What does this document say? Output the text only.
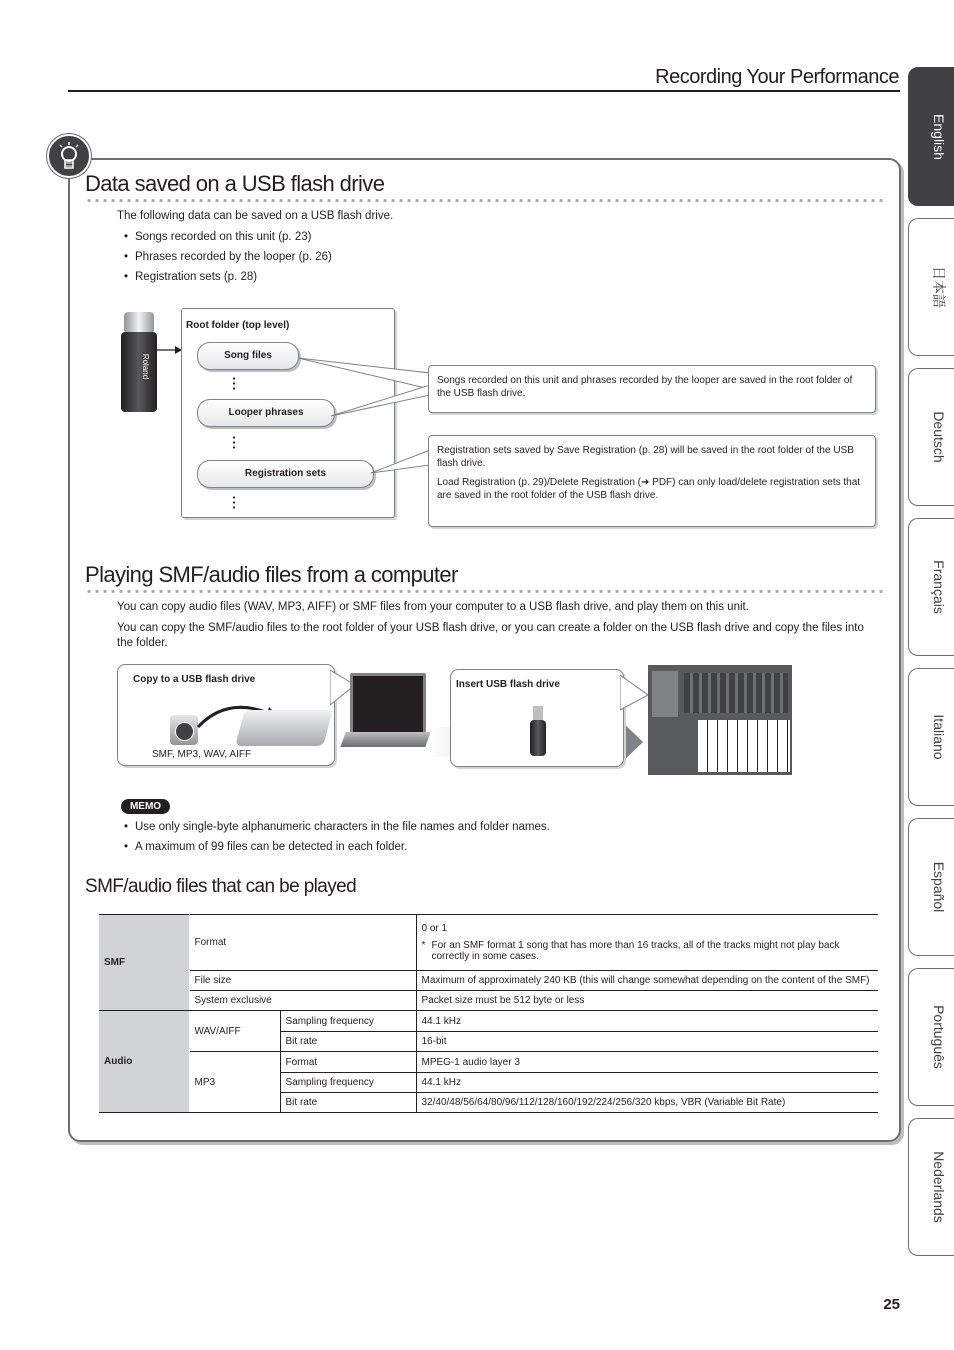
Recording Your Performance
English
日本語
Deutsch
Français
Italiano
Español
Português
Nederlands
Data saved on a USB flash drive
The following data can be saved on a USB flash drive.
• Songs recorded on this unit (p. 23)
• Phrases recorded by the looper (p. 26)
• Registration sets (p. 28)
Roland
Root folder (top level)
Song files
Looper phrases
Registration sets
Songs recorded on this unit and phrases recorded by the looper are saved in the root folder of the USB flash drive.
Registration sets saved by Save Registration (p. 28) will be saved in the root folder of the USB flash drive.
Load Registration (p. 29)/Delete Registration (➜ PDF) can only load/delete registration sets that are saved in the root folder of the USB flash drive.
Playing SMF/audio files from a computer
You can copy audio files (WAV, MP3, AIFF) or SMF files from your computer to a USB flash drive, and play them on this unit.
You can copy the SMF/audio files to the root folder of your USB flash drive, or you can create a folder on the USB flash drive and copy the files into the folder.
Copy to a USB flash drive
SMF, MP3, WAV, AIFF
Insert USB flash drive
MEMO
• Use only single-byte alphanumeric characters in the file names and folder names.
• A maximum of 99 files can be detected in each folder.
SMF/audio files that can be played
SMF	Format		0 or 1
* For an SMF format 1 song that has more than 16 tracks, all of the tracks might not play back correctly in some cases.

	File size		Maximum of approximately 240 KB (this will change somewhat depending on the content of the SMF)
	System exclusive		Packet size must be 512 byte or less
Audio	WAV/AIFF	Sampling frequency	44.1 kHz
		Bit rate	16-bit
	MP3	Format	MPEG-1 audio layer 3
		Sampling frequency	44.1 kHz
		Bit rate	32/40/48/56/64/80/96/112/128/160/192/224/256/320 kbps, VBR (Variable Bit Rate)
25
